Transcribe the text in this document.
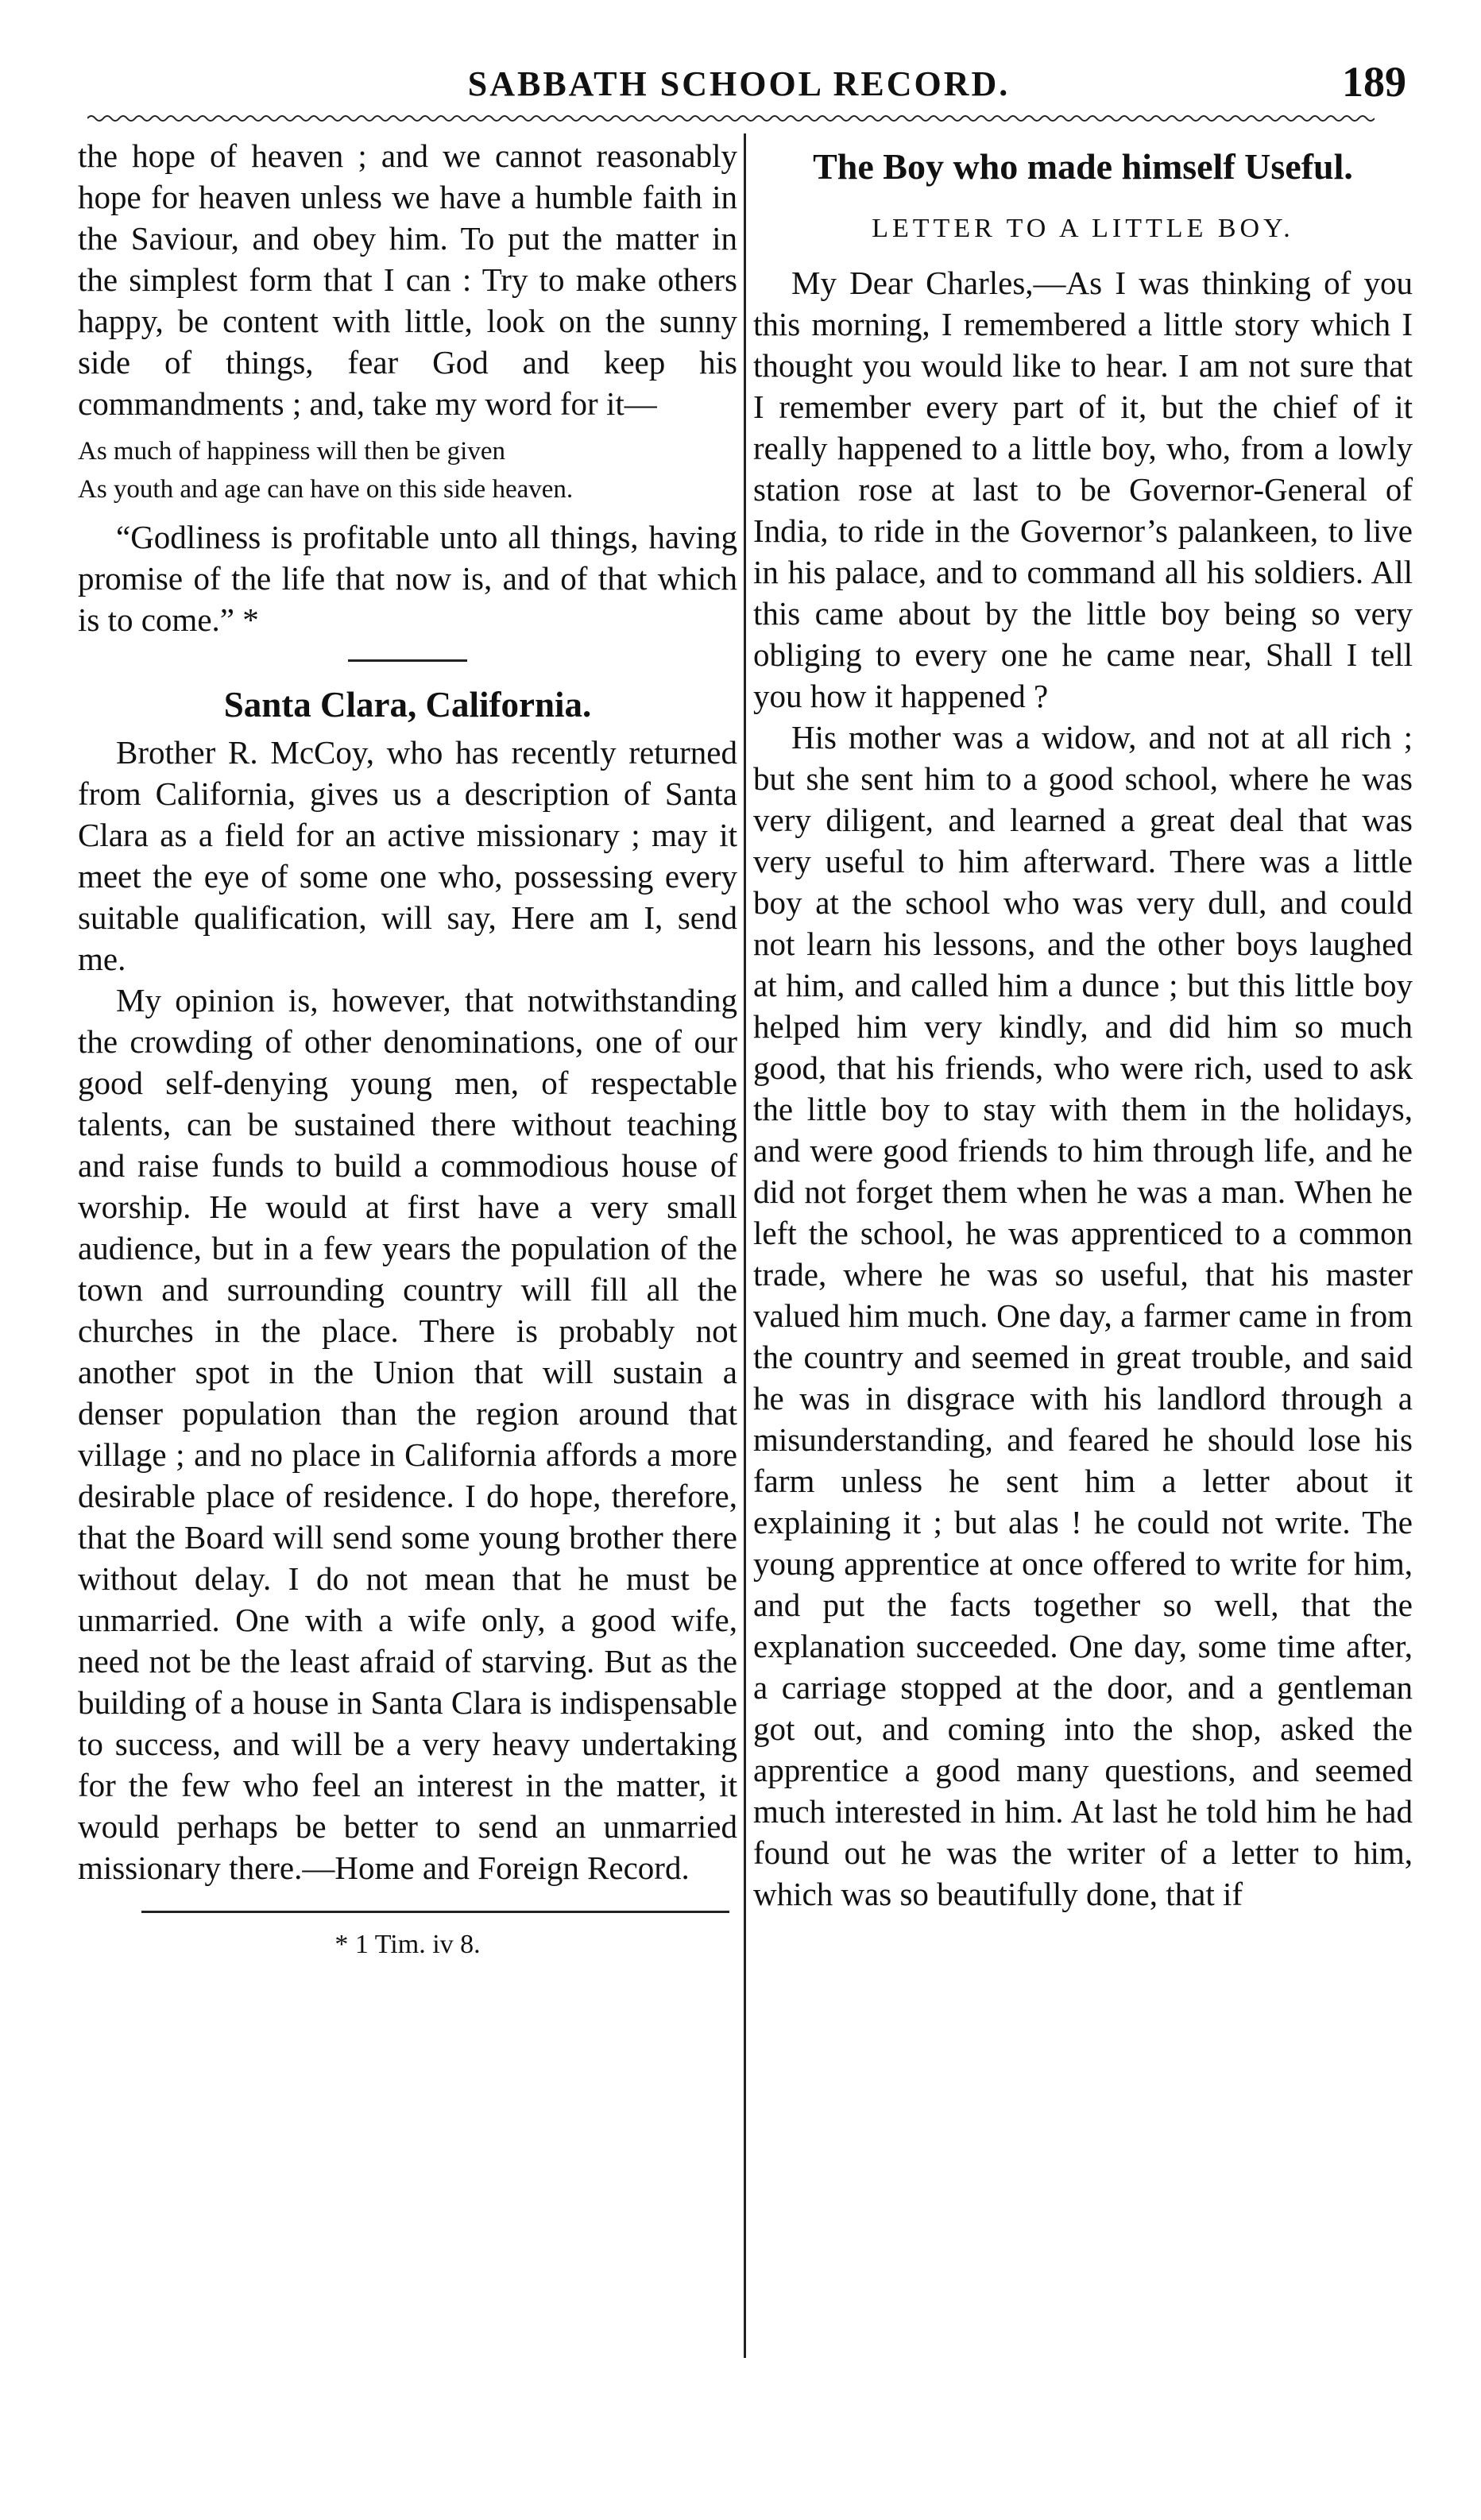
SABBATH SCHOOL RECORD.	189

the hope of heaven ; and we cannot reasonably hope for heaven unless we have a humble faith in the Saviour, and obey him. To put the matter in the simplest form that I can : Try to make others happy, be content with little, look on the sunny side of things, fear God and keep his commandments ; and, take my word for it—

As much of happiness will then be given
As youth and age can have on this side heaven.

“Godliness is profitable unto all things, having promise of the life that now is, and of that which is to come.” *

Santa Clara, California.

Brother R. McCoy, who has recently returned from California, gives us a description of Santa Clara as a field for an active missionary ; may it meet the eye of some one who, possessing every suitable qualification, will say, Here am I, send me.

My opinion is, however, that notwithstanding the crowding of other denominations, one of our good self-denying young men, of respectable talents, can be sustained there without teaching and raise funds to build a commodious house of worship. He would at first have a very small audience, but in a few years the population of the town and surrounding country will fill all the churches in the place. There is probably not another spot in the Union that will sustain a denser population than the region around that village ; and no place in California affords a more desirable place of residence. I do hope, therefore, that the Board will send some young brother there without delay. I do not mean that he must be unmarried. One with a wife only, a good wife, need not be the least afraid of starving. But as the building of a house in Santa Clara is indispensable to success, and will be a very heavy undertaking for the few who feel an interest in the matter, it would perhaps be better to send an unmarried missionary there.—Home and Foreign Record.

* 1 Tim. iv 8.
The Boy who made himself Useful.
LETTER TO A LITTLE BOY.

My Dear Charles,—As I was thinking of you this morning, I remembered a little story which I thought you would like to hear. I am not sure that I remember every part of it, but the chief of it really happened to a little boy, who, from a lowly station rose at last to be Governor-General of India, to ride in the Governor’s palankeen, to live in his palace, and to command all his soldiers. All this came about by the little boy being so very obliging to every one he came near, Shall I tell you how it happened ?

His mother was a widow, and not at all rich ; but she sent him to a good school, where he was very diligent, and learned a great deal that was very useful to him afterward. There was a little boy at the school who was very dull, and could not learn his lessons, and the other boys laughed at him, and called him a dunce ; but this little boy helped him very kindly, and did him so much good, that his friends, who were rich, used to ask the little boy to stay with them in the holidays, and were good friends to him through life, and he did not forget them when he was a man. When he left the school, he was apprenticed to a common trade, where he was so useful, that his master valued him much. One day, a farmer came in from the country and seemed in great trouble, and said he was in disgrace with his landlord through a misunderstanding, and feared he should lose his farm unless he sent him a letter about it explaining it ; but alas ! he could not write. The young apprentice at once offered to write for him, and put the facts together so well, that the explanation succeeded. One day, some time after, a carriage stopped at the door, and a gentleman got out, and coming into the shop, asked the apprentice a good many questions, and seemed much interested in him. At last he told him he had found out he was the writer of a letter to him, which was so beautifully done, that if
